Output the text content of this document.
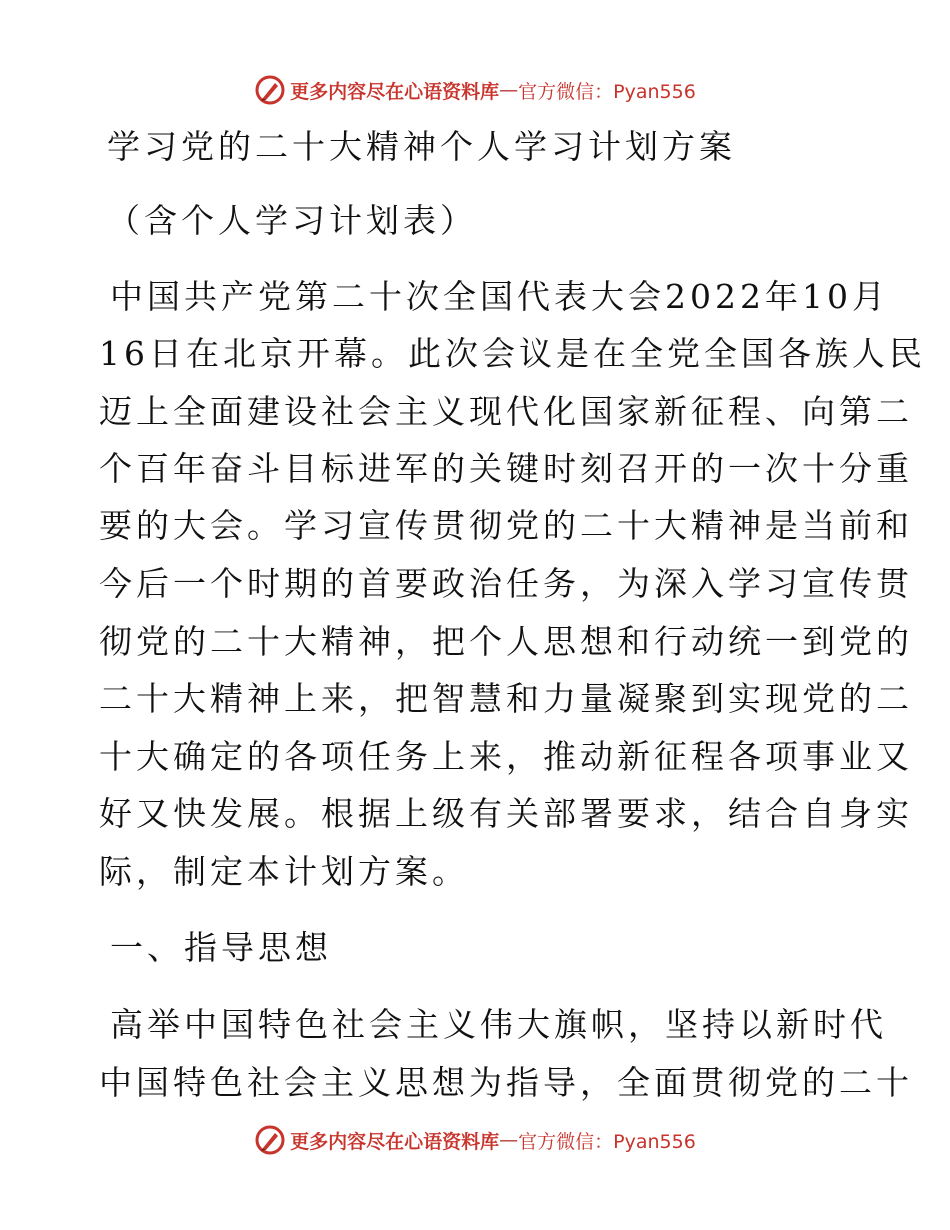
更多内容尽在心语资料库 — 官方微信：Pyan556
学习党的二十大精神个人学习计划方案
（含个人学习计划表）
中国共产党第二十次全国代表大会2022年10月
16日在北京开幕。此次会议是在全党全国各族人民
迈上全面建设社会主义现代化国家新征程、向第二
个百年奋斗目标进军的关键时刻召开的一次十分重
要的大会。学习宣传贯彻党的二十大精神是当前和
今后一个时期的首要政治任务，为深入学习宣传贯
彻党的二十大精神，把个人思想和行动统一到党的
二十大精神上来，把智慧和力量凝聚到实现党的二
十大确定的各项任务上来，推动新征程各项事业又
好又快发展。根据上级有关部署要求，结合自身实
际，制定本计划方案。
一、指导思想
高举中国特色社会主义伟大旗帜，坚持以新时代
中国特色社会主义思想为指导，全面贯彻党的二十
更多内容尽在心语资料库 — 官方微信：Pyan556
